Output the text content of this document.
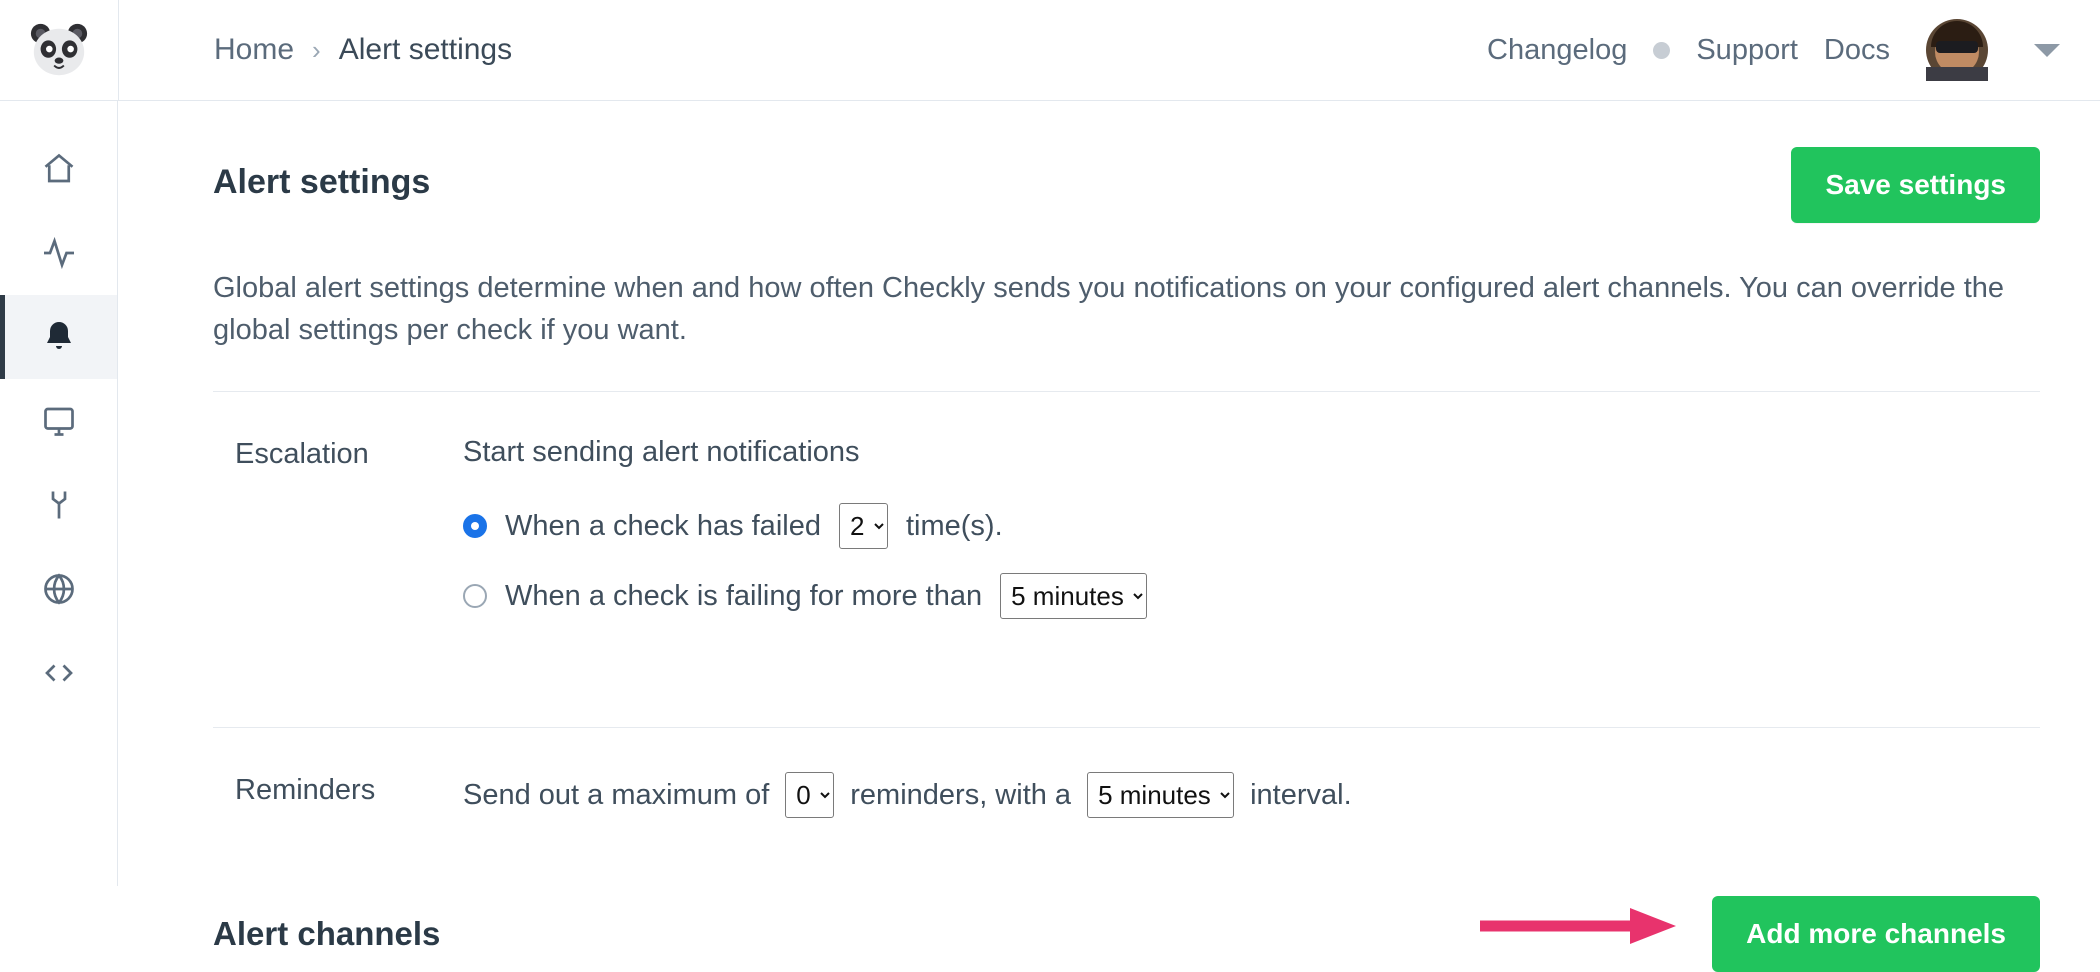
Home › Alert settings	Changelog Support Docs
Alert settings	Save settings
Global alert settings determine when and how often Checkly sends you notifications on your configured alert channels. You can override the global settings per check if you want.
Escalation	Start sending alert notifications
When a check has failed
2	time(s).
When a check is failing for more than
5 minutes
Reminders	Send out a maximum of
0	reminders, with a
5 minutes	interval.
Alert channels	Add more channels
